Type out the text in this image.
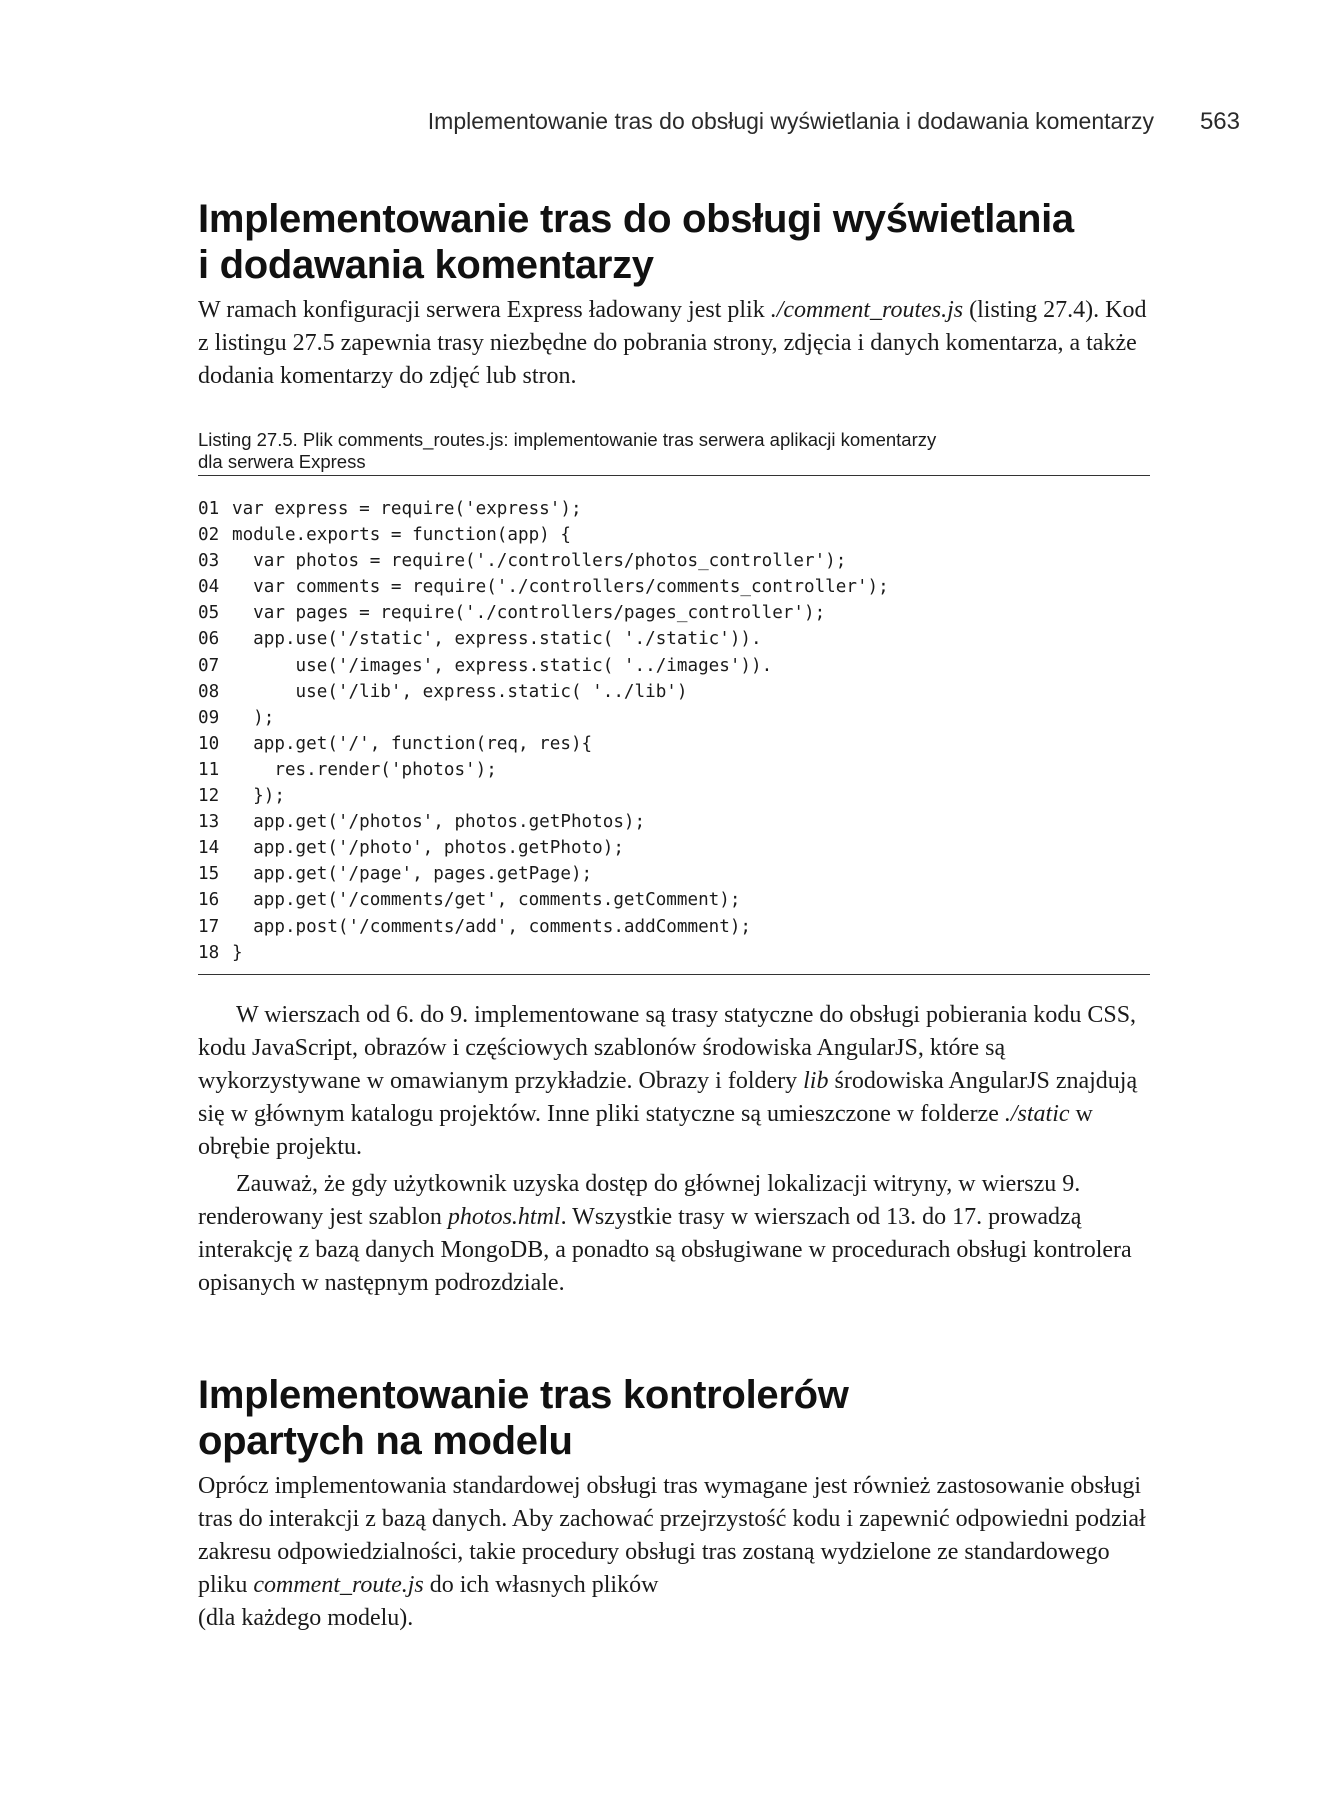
Implementowanie tras do obsługi wyświetlania i dodawania komentarzy 563
Implementowanie tras do obsługi wyświetlania
i dodawania komentarzy

W ramach konfiguracji serwera Express ładowany jest plik ./comment_routes.js (listing 27.4). Kod z listingu 27.5 zapewnia trasy niezbędne do pobrania strony, zdjęcia i danych komentarza, a także dodania komentarzy do zdjęć lub stron.

Listing 27.5. Plik comments_routes.js: implementowanie tras serwera aplikacji komentarzy
dla serwera Express
01 var express = require('express');
02 module.exports = function(app) {
03  var photos = require('./controllers/photos_controller');
04  var comments = require('./controllers/comments_controller');
05  var pages = require('./controllers/pages_controller');
06  app.use('/static', express.static( './static')).
07      use('/images', express.static( '../images')).
08      use('/lib', express.static( '../lib')
09  );
10  app.get('/', function(req, res){
11    res.render('photos');
12  });
13  app.get('/photos', photos.getPhotos);
14  app.get('/photo', photos.getPhoto);
15  app.get('/page', pages.getPage);
16  app.get('/comments/get', comments.getComment);
17  app.post('/comments/add', comments.addComment);
18 }

W wierszach od 6. do 9. implementowane są trasy statyczne do obsługi pobierania kodu CSS, kodu JavaScript, obrazów i częściowych szablonów środowiska AngularJS, które są wykorzystywane w omawianym przykładzie. Obrazy i foldery lib środowiska AngularJS znajdują się w głównym katalogu projektów. Inne pliki statyczne są umieszczone w folderze ./static w obrębie projektu.

Zauważ, że gdy użytkownik uzyska dostęp do głównej lokalizacji witryny, w wierszu 9. renderowany jest szablon photos.html. Wszystkie trasy w wierszach od 13. do 17. prowadzą interakcję z bazą danych MongoDB, a ponadto są obsługiwane w procedurach obsługi kontrolera opisanych w następnym podrozdziale.

Implementowanie tras kontrolerów
opartych na modelu

Oprócz implementowania standardowej obsługi tras wymagane jest również zastosowanie obsługi tras do interakcji z bazą danych. Aby zachować przejrzystość kodu i zapewnić odpowiedni podział zakresu odpowiedzialności, takie procedury obsługi tras zostaną wydzielone ze standardowego pliku comment_route.js do ich własnych plików
(dla każdego modelu).
